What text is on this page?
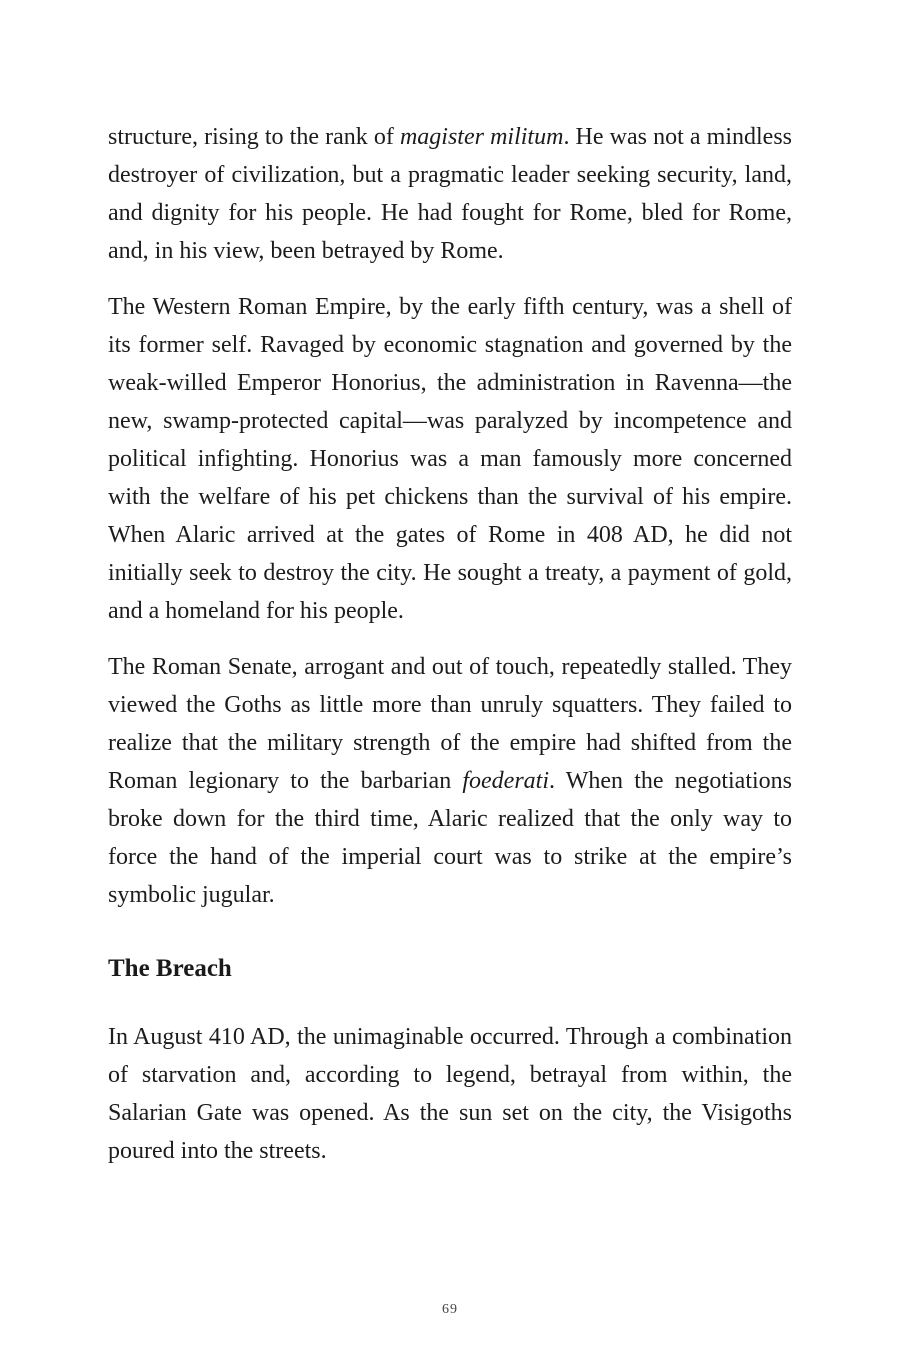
structure, rising to the rank of magister militum. He was not a mindless destroyer of civilization, but a pragmatic leader seeking security, land, and dignity for his people. He had fought for Rome, bled for Rome, and, in his view, been betrayed by Rome.

The Western Roman Empire, by the early fifth century, was a shell of its former self. Ravaged by economic stagnation and governed by the weak-willed Emperor Honorius, the administration in Ravenna—the new, swamp-protected capital—was paralyzed by incompetence and political infighting. Honorius was a man famously more concerned with the welfare of his pet chickens than the survival of his empire. When Alaric arrived at the gates of Rome in 408 AD, he did not initially seek to destroy the city. He sought a treaty, a payment of gold, and a homeland for his people.

The Roman Senate, arrogant and out of touch, repeatedly stalled. They viewed the Goths as little more than unruly squatters. They failed to realize that the military strength of the empire had shifted from the Roman legionary to the barbarian foederati. When the negotiations broke down for the third time, Alaric realized that the only way to force the hand of the imperial court was to strike at the empire’s symbolic jugular.

The Breach

In August 410 AD, the unimaginable occurred. Through a combination of starvation and, according to legend, betrayal from within, the Salarian Gate was opened. As the sun set on the city, the Visigoths poured into the streets.

69
